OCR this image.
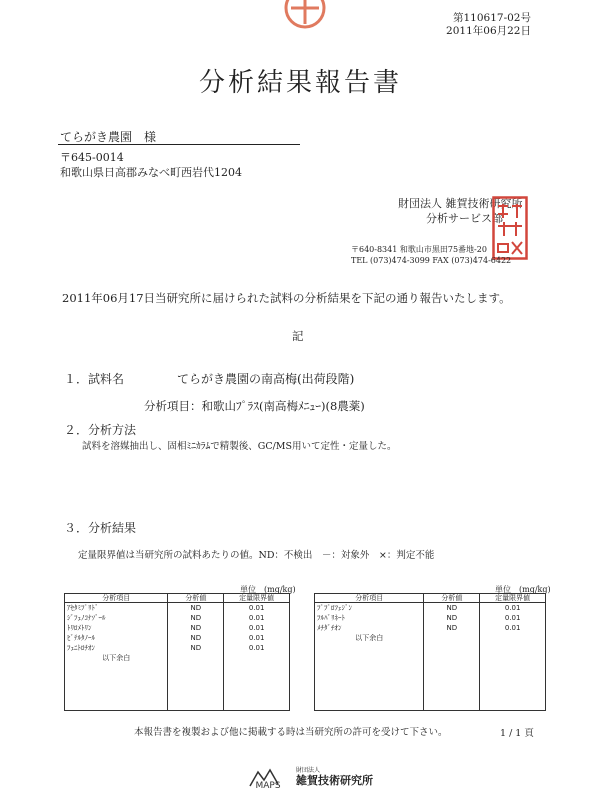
第110617-02号
2011年06月22日
分析結果報告書
てらがき農園　様
〒645-0014
和歌山県日高郡みなべ町西岩代1204
財団法人 雑賀技術研究所
分析サービス部
〒640-8341 和歌山市黒田75番地-20
TEL (073)474-3099 FAX (073)474-6422
2011年06月17日当研究所に届けられた試料の分析結果を下記の通り報告いたします。
記
１．試料名	てらがき農園の南高梅(出荷段階)
分析項目：和歌山ﾌﾟﾗｽ(南高梅ﾒﾆｭｰ)(8農薬)
２．分析方法
試料を溶媒抽出し、固相ﾐﾆｶﾗﾑで精製後、GC/MS用いて定性・定量した。
３．分析結果
定量限界値は当研究所の試料あたりの値。ND：不検出　－：対象外　×：判定不能
単位　(mg/kg)	単位　(mg/kg)
分析項目	分析値	定量限界値
ｱｾﾀﾐﾌﾟﾘﾄﾞ	ND	0.01
ｼﾞﾌｪﾉｺﾅｿﾞｰﾙ	ND	0.01
ﾄﾘﾛﾒﾄﾘﾝ	ND	0.01
ﾋﾞﾃﾙﾀﾉｰﾙ	ND	0.01
ﾌｪﾆﾄﾛﾁｵﾝ	ND	0.01
以下余白		

分析項目	分析値	定量限界値
ﾌﾟﾌﾟﾛﾌｪｼﾞﾝ	ND	0.01
ﾌﾙﾊﾞﾘﾈｰﾄ	ND	0.01
ﾒﾁﾀﾞﾁｵﾝ	ND	0.01
以下余白		

本報告書を複製および他に掲載する時は当研究所の許可を受けて下さい。	1 / 1 頁
MAPS
財団法人
雑賀技術研究所
